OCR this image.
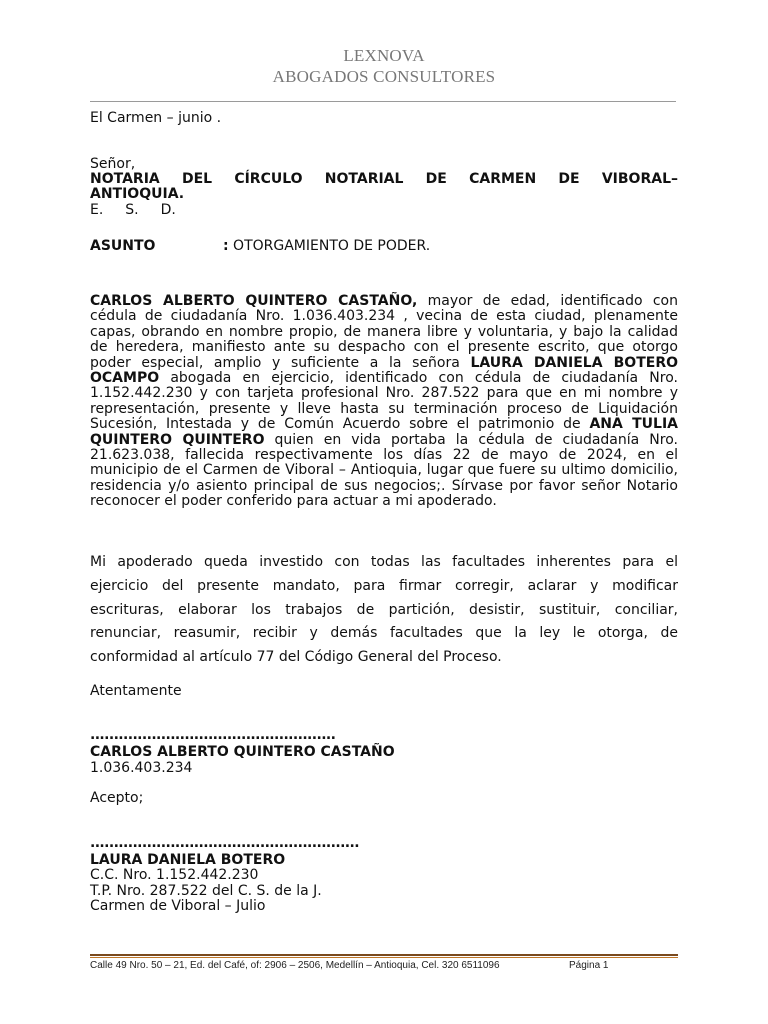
LEXNOVA
ABOGADOS CONSULTORES
El Carmen – junio .
Señor,
NOTARIA DEL CÍRCULO NOTARIAL DE CARMEN DE VIBORAL–
ANTIOQUIA.
E. S. D.
ASUNTO	: OTORGAMIENTO DE PODER.
CARLOS ALBERTO QUINTERO CASTAÑO, mayor de edad, identificado con cédula de ciudadanía Nro. 1.036.403.234 , vecina de esta ciudad, plenamente capas, obrando en nombre propio, de manera libre y voluntaria, y bajo la calidad de heredera, manifiesto ante su despacho con el presente escrito, que otorgo poder especial, amplio y suficiente a la señora LAURA DANIELA BOTERO OCAMPO abogada en ejercicio, identificado con cédula de ciudadanía Nro. 1.152.442.230 y con tarjeta profesional Nro. 287.522 para que en mi nombre y representación, presente y lleve hasta su terminación proceso de Liquidación Sucesión, Intestada y de Común Acuerdo sobre el patrimonio de ANA TULIA QUINTERO QUINTERO quien en vida portaba la cédula de ciudadanía Nro. 21.623.038, fallecida respectivamente los días 22 de mayo de 2024, en el municipio de el Carmen de Viboral – Antioquia, lugar que fuere su ultimo domicilio, residencia y/o asiento principal de sus negocios;. Sírvase por favor señor Notario reconocer el poder conferido para actuar a mi apoderado.
Mi apoderado queda investido con todas las facultades inherentes para el
ejercicio del presente mandato, para firmar corregir, aclarar y modificar
escrituras, elaborar los trabajos de partición, desistir, sustituir, conciliar,
renunciar, reasumir, recibir y demás facultades que la ley le otorga, de
conformidad al artículo 77 del Código General del Proceso.
Atentamente
....................................................
CARLOS ALBERTO QUINTERO CASTAÑO
1.036.403.234
Acepto;
.........................................................
LAURA DANIELA BOTERO
C.C. Nro. 1.152.442.230
T.P. Nro. 287.522 del C. S. de la J.
Carmen de Viboral – Julio
Calle 49 Nro. 50 – 21, Ed. del Café, of: 2906 – 2506, Medellín – Antioquia, Cel. 320 6511096	Página 1
